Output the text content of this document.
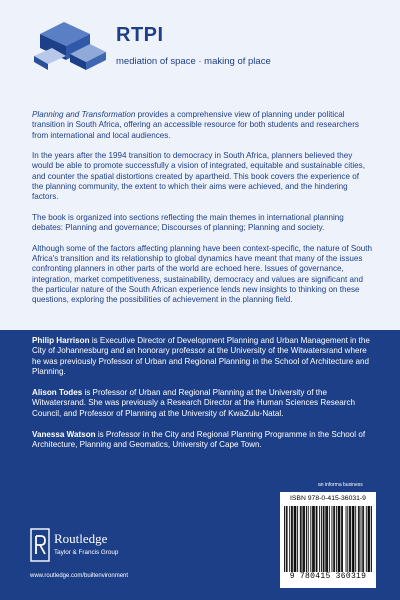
RTPI
mediation of space · making of place

Planning and Transformation provides a comprehensive view of planning under political transition in South Africa, offering an accessible resource for both students and researchers from international and local audiences.

In the years after the 1994 transition to democracy in South Africa, planners believed they would be able to promote successfully a vision of integrated, equitable and sustainable cities, and counter the spatial distortions created by apartheid. This book covers the experience of the planning community, the extent to which their aims were achieved, and the hindering factors.

The book is organized into sections reflecting the main themes in international planning debates: Planning and governance; Discourses of planning; Planning and society.

Although some of the factors affecting planning have been context-specific, the nature of South Africa's transition and its relationship to global dynamics have meant that many of the issues confronting planners in other parts of the world are echoed here. Issues of governance, integration, market competitiveness, sustainability, democracy and values are significant and the particular nature of the South African experience lends new insights to thinking on these questions, exploring the possibilities of achievement in the planning field.

Philip Harrison is Executive Director of Development Planning and Urban Management in the City of Johannesburg and an honorary professor at the University of the Witwatersrand where he was previously Professor of Urban and Regional Planning in the School of Architecture and Planning.

Alison Todes is Professor of Urban and Regional Planning at the University of the Witwatersrand. She was previously a Research Director at the Human Sciences Research Council, and Professor of Planning at the University of KwaZulu-Natal.

Vanessa Watson is Professor in the City and Regional Planning Programme in the School of Architecture, Planning and Geomatics, University of Cape Town.

an informa business
Routledge
Taylor & Francis Group
www.routledge.com/builtenvironment
ISBN 978-0-415-36031-9
9 780415 360319
